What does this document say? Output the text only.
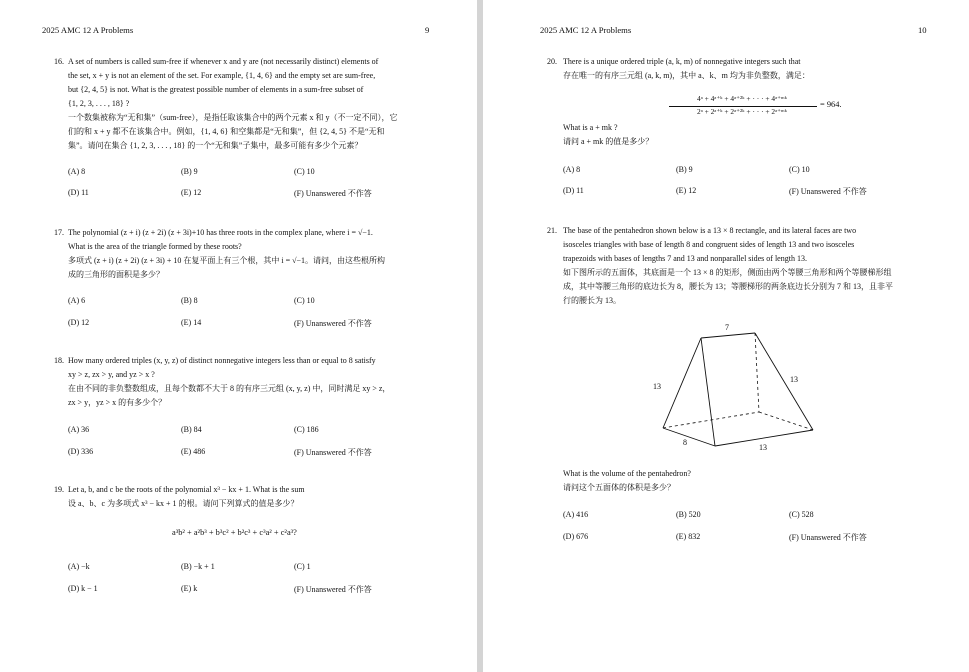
2025 AMC 12 A Problems	9
16. A set of numbers is called sum-free if whenever x and y are (not necessarily distinct) elements of

the set, x + y is not an element of the set. For example, {1, 4, 6} and the empty set are sum-free,

but {2, 4, 5} is not. What is the greatest possible number of elements in a sum-free subset of

{1, 2, 3, . . . , 18} ?

一个数集被称为“无和集”（sum-free），是指任取该集合中的两个元素 x 和 y（不一定不同），它

们的和 x + y 都不在该集合中。例如，{1, 4, 6} 和空集都是“无和集”，但 {2, 4, 5} 不是“无和

集”。请问在集合 {1, 2, 3, . . . , 18} 的一个“无和集”子集中，最多可能有多少个元素？

(A) 8	(B) 9	(C) 10
(D) 11	(E) 12	(F) Unanswered 不作答
17. The polynomial (z + i) (z + 2i) (z + 3i)+10 has three roots in the complex plane, where i = √−1.

What is the area of the triangle formed by these roots?

多项式 (z + i) (z + 2i) (z + 3i) + 10 在复平面上有三个根，其中 i = √−1。请问，由这些根所构

成的三角形的面积是多少？

(A) 6	(B) 8	(C) 10
(D) 12	(E) 14	(F) Unanswered 不作答
18. How many ordered triples (x, y, z) of distinct nonnegative integers less than or equal to 8 satisfy

xy > z, zx > y, and yz > x ?

在由不同的非负整数组成，且每个数都不大于 8 的有序三元组 (x, y, z) 中，同时满足 xy > z，

zx > y，yz > x 的有多少个？

(A) 36	(B) 84	(C) 186
(D) 336	(E) 486	(F) Unanswered 不作答
19. Let a, b, and c be the roots of the polynomial x³ − kx + 1. What is the sum

设 a、b、c 为多项式 x³ − kx + 1 的根。请问下列算式的值是多少？

a³b² + a²b³ + b³c² + b²c³ + c³a² + c²a³?
(A) −k	(B) −k + 1	(C) 1
(D) k − 1	(E) k	(F) Unanswered 不作答
2025 AMC 12 A Problems	10
20. There is a unique ordered triple (a, k, m) of nonnegative integers such that

存在唯一的有序三元组 (a, k, m)，其中 a、k、m 均为非负整数，满足：

4ᵃ + 4ᵃ⁺ᵏ + 4ᵃ⁺²ᵏ + · · · + 4ᵃ⁺ᵐᵏ
2ᵃ + 2ᵃ⁺ᵏ + 2ᵃ⁺²ᵏ + · · · + 2ᵃ⁺ᵐᵏ
= 964.

What is a + mk ?

请问 a + mk 的值是多少？

(A) 8	(B) 9	(C) 10
(D) 11	(E) 12	(F) Unanswered 不作答
21. The base of the pentahedron shown below is a 13 × 8 rectangle, and its lateral faces are two

isosceles triangles with base of length 8 and congruent sides of length 13 and two isosceles

trapezoids with bases of lengths 7 and 13 and nonparallel sides of length 13.

如下图所示的五面体，其底面是一个 13 × 8 的矩形，侧面由两个等腰三角形和两个等腰梯形组

成，其中等腰三角形的底边长为 8，腰长为 13；等腰梯形的两条底边长分别为 7 和 13，且非平

行的腰长为 13。

7
13
13
8
13

What is the volume of the pentahedron?

请问这个五面体的体积是多少？

(A) 416	(B) 520	(C) 528
(D) 676	(E) 832	(F) Unanswered 不作答
